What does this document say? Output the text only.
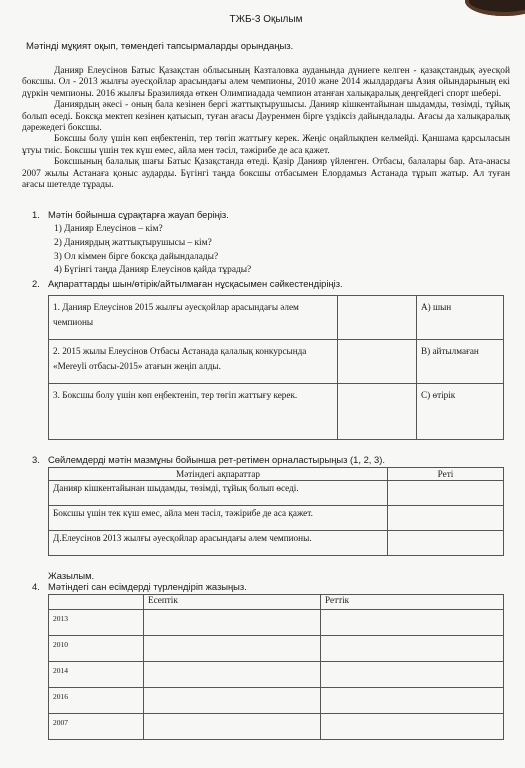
ТЖБ-3 Оқылым
Мәтінді мұқият оқып, төмендегі тапсырмаларды орындаңыз.

Данияр Елеусінов Батыс Қазақстан облысының Казталовка ауданында дүниеге келген - қазақстандық әуесқой боксшы. Ол - 2013 жылғы әуесқойлар арасындағы әлем чемпионы, 2010 және 2014 жылдардағы Азия ойындарының екі дүркін чемпионы. 2016 жылғы Бразилияда өткен Олимпиадада чемпион атанған халықаралық деңгейдегі спорт шебері.

Даниярдың әкесі - оның бала кезінен бергі жаттықтырушысы. Данияр кішкентайынан шыдамды, төзімді, тұйық болып өседі. Боксқа мектеп кезінен қатысып, туған ағасы Дәуренмен бірге үздіксіз дайындалады. Ағасы да халықаралық дәрежедегі боксшы.

Боксшы болу үшін көп еңбектеніп, тер төгіп жаттығу керек. Жеңіс оңайлықпен келмейді. Қаншама қарсыласын ұтуы тиіс. Боксшы үшін тек күш емес, айла мен тәсіл, тәжірибе де аса қажет.

Боксшының балалық шағы Батыс Қазақстанда өтеді. Қазір Данияр үйленген. Отбасы, балалары бар. Ата-анасы 2007 жылы Астанаға қоныс аударды. Бүгінгі таңда боксшы отбасымен Елордамыз Астанада тұрып жатыр. Ал туған ағасы шетелде тұрады.

1. Мәтін бойынша сұрақтарға жауап беріңіз.

1) Данияр Елеусінов – кім?
2) Даниярдың жаттықтырушысы – кім?
3) Ол кіммен бірге боксқа дайындалады?
4) Бүгінгі таңда Данияр Елеусінов қайда тұрады?

2. Ақпараттарды шын/өтірік/айтылмаған нұсқасымен сәйкестендіріңіз.

1. Данияр Елеусінов 2015 жылғы әуесқойлар арасындағы әлем чемпионы		А) шын
2. 2015 жылы Елеусінов Отбасы Астанада қалалық конкурсында «Mereyli отбасы-2015» атағын жеңіп алды.		В) айтылмаған
3. Боксшы болу үшін көп еңбектеніп, тер төгіп жаттығу керек.		С) өтірік

3. Сөйлемдерді мәтін мазмұны бойынша рет-ретімен орналастырыңыз (1, 2, 3).

Мәтіндегі ақпараттар	Реті
Данияр кішкентайынан шыдамды, төзімді, тұйық болып өседі.	
Боксшы үшін тек күш емес, айла мен тәсіл, тәжірибе де аса қажет.	
Д.Елеусінов 2013 жылғы әуесқойлар арасындағы әлем чемпионы.	

Жазылым.

4. Мәтіндегі сан есімдерді түрлендіріп жазыңыз.

	Есептік	Реттік
2013		
2010		
2014		
2016		
2007		
